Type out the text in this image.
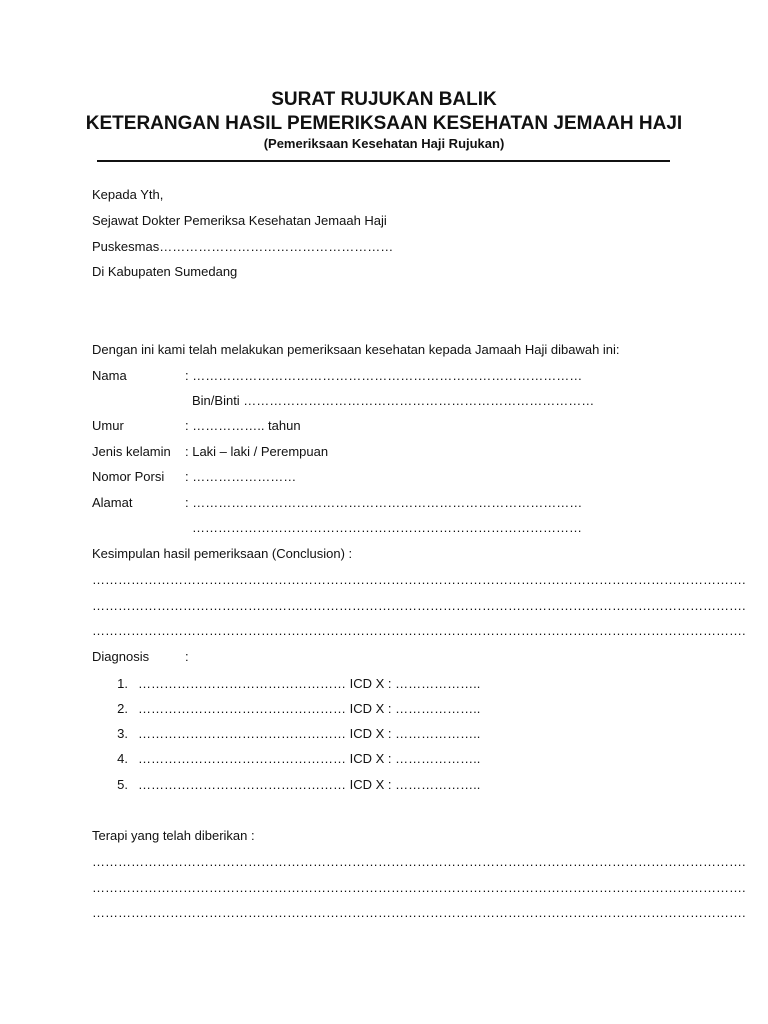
SURAT RUJUKAN BALIK
KETERANGAN HASIL PEMERIKSAAN KESEHATAN JEMAAH HAJI
(Pemeriksaan Kesehatan Haji Rujukan)
Kepada Yth,
Sejawat Dokter Pemeriksa Kesehatan Jemaah Haji
Puskesmas………………………………………………
Di Kabupaten Sumedang
Dengan ini kami telah melakukan pemeriksaan kesehatan kepada Jamaah Haji dibawah ini:
Nama	: ………………………………………………………………………………
Bin/Binti ………………………………………………………………………
Umur	: …………….. tahun
Jenis kelamin : Laki – laki / Perempuan
Nomor Porsi : ……………………
Alamat	: ………………………………………………………………………………
………………………………………………………………………………
Kesimpulan hasil pemeriksaan (Conclusion) :
…………………………………………………………………………………………………………………………………….
…………………………………………………………………………………………………………………………………….
…………………………………………………………………………………………………………………………………….
Diagnosis	:
1. ………………………………………… ICD X : ………………..
2. ………………………………………… ICD X : ………………..
3. ………………………………………… ICD X : ………………..
4. ………………………………………… ICD X : ………………..
5. ………………………………………… ICD X : ………………..
Terapi yang telah diberikan :
…………………………………………………………………………………………………………………………………….
…………………………………………………………………………………………………………………………………….
…………………………………………………………………………………………………………………………………….
